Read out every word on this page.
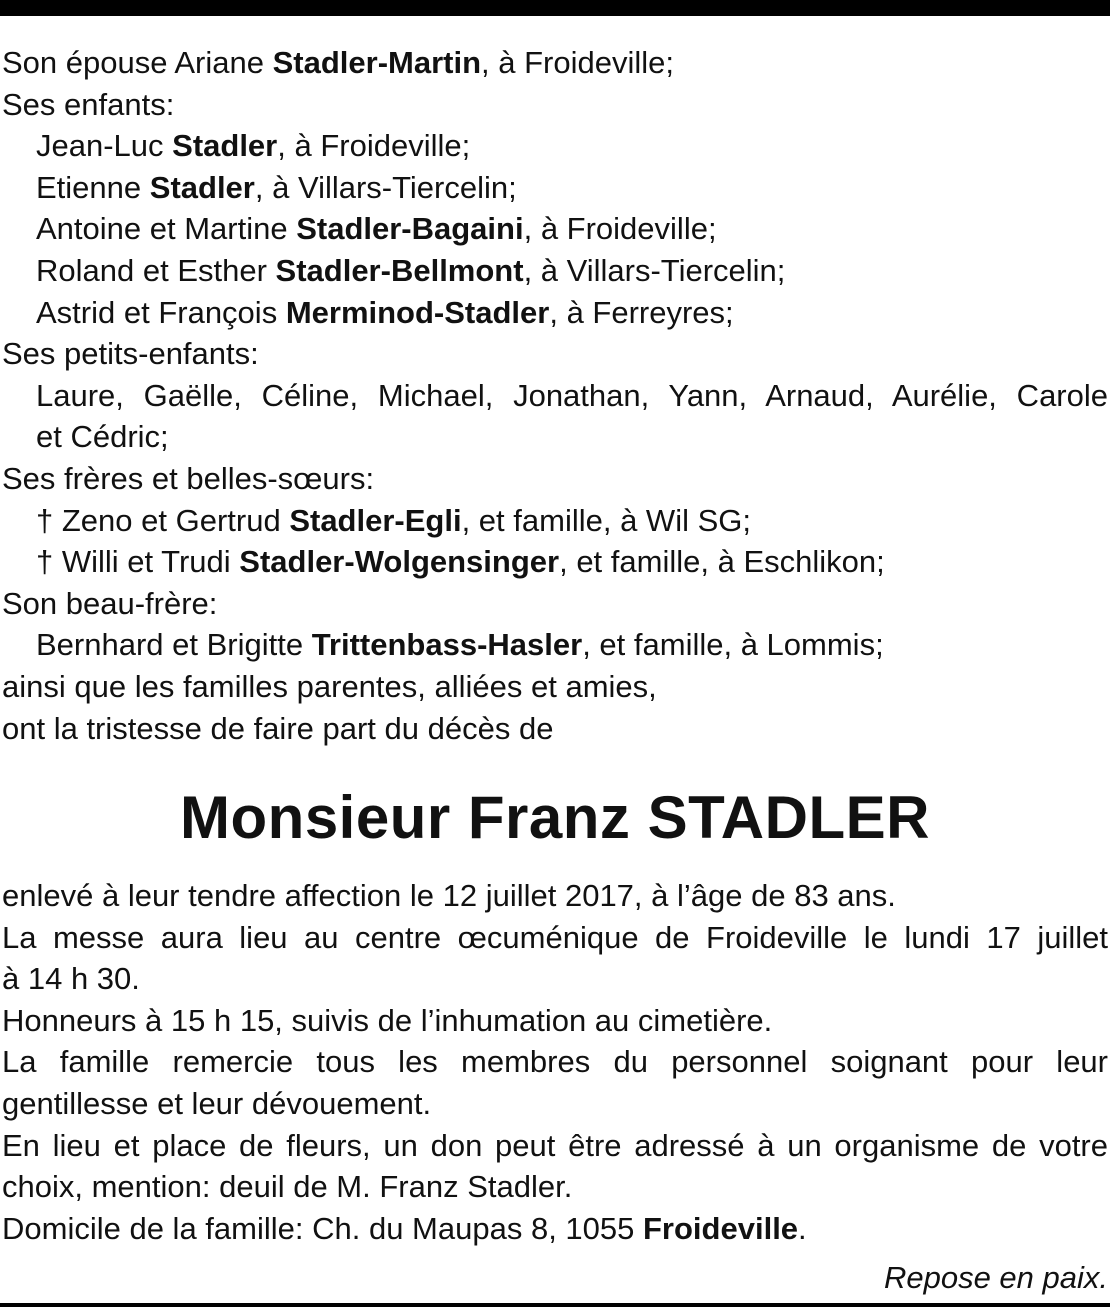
Son épouse Ariane Stadler-Martin, à Froideville;
Ses enfants:
Jean-Luc Stadler, à Froideville;
Etienne Stadler, à Villars-Tiercelin;
Antoine et Martine Stadler-Bagaini, à Froideville;
Roland et Esther Stadler-Bellmont, à Villars-Tiercelin;
Astrid et François Merminod-Stadler, à Ferreyres;
Ses petits-enfants:
Laure, Gaëlle, Céline, Michael, Jonathan, Yann, Arnaud, Aurélie, Carole
et Cédric;
Ses frères et belles-sœurs:
† Zeno et Gertrud Stadler-Egli, et famille, à Wil SG;
† Willi et Trudi Stadler-Wolgensinger, et famille, à Eschlikon;
Son beau-frère:
Bernhard et Brigitte Trittenbass-Hasler, et famille, à Lommis;
ainsi que les familles parentes, alliées et amies,
ont la tristesse de faire part du décès de
Monsieur Franz STADLER
enlevé à leur tendre affection le 12 juillet 2017, à l’âge de 83 ans.
La messe aura lieu au centre œcuménique de Froideville le lundi 17 juillet
à 14 h 30.
Honneurs à 15 h 15, suivis de l’inhumation au cimetière.
La famille remercie tous les membres du personnel soignant pour leur
gentillesse et leur dévouement.
En lieu et place de fleurs, un don peut être adressé à un organisme de votre
choix, mention: deuil de M. Franz Stadler.
Domicile de la famille: Ch. du Maupas 8, 1055 Froideville.
Repose en paix.
